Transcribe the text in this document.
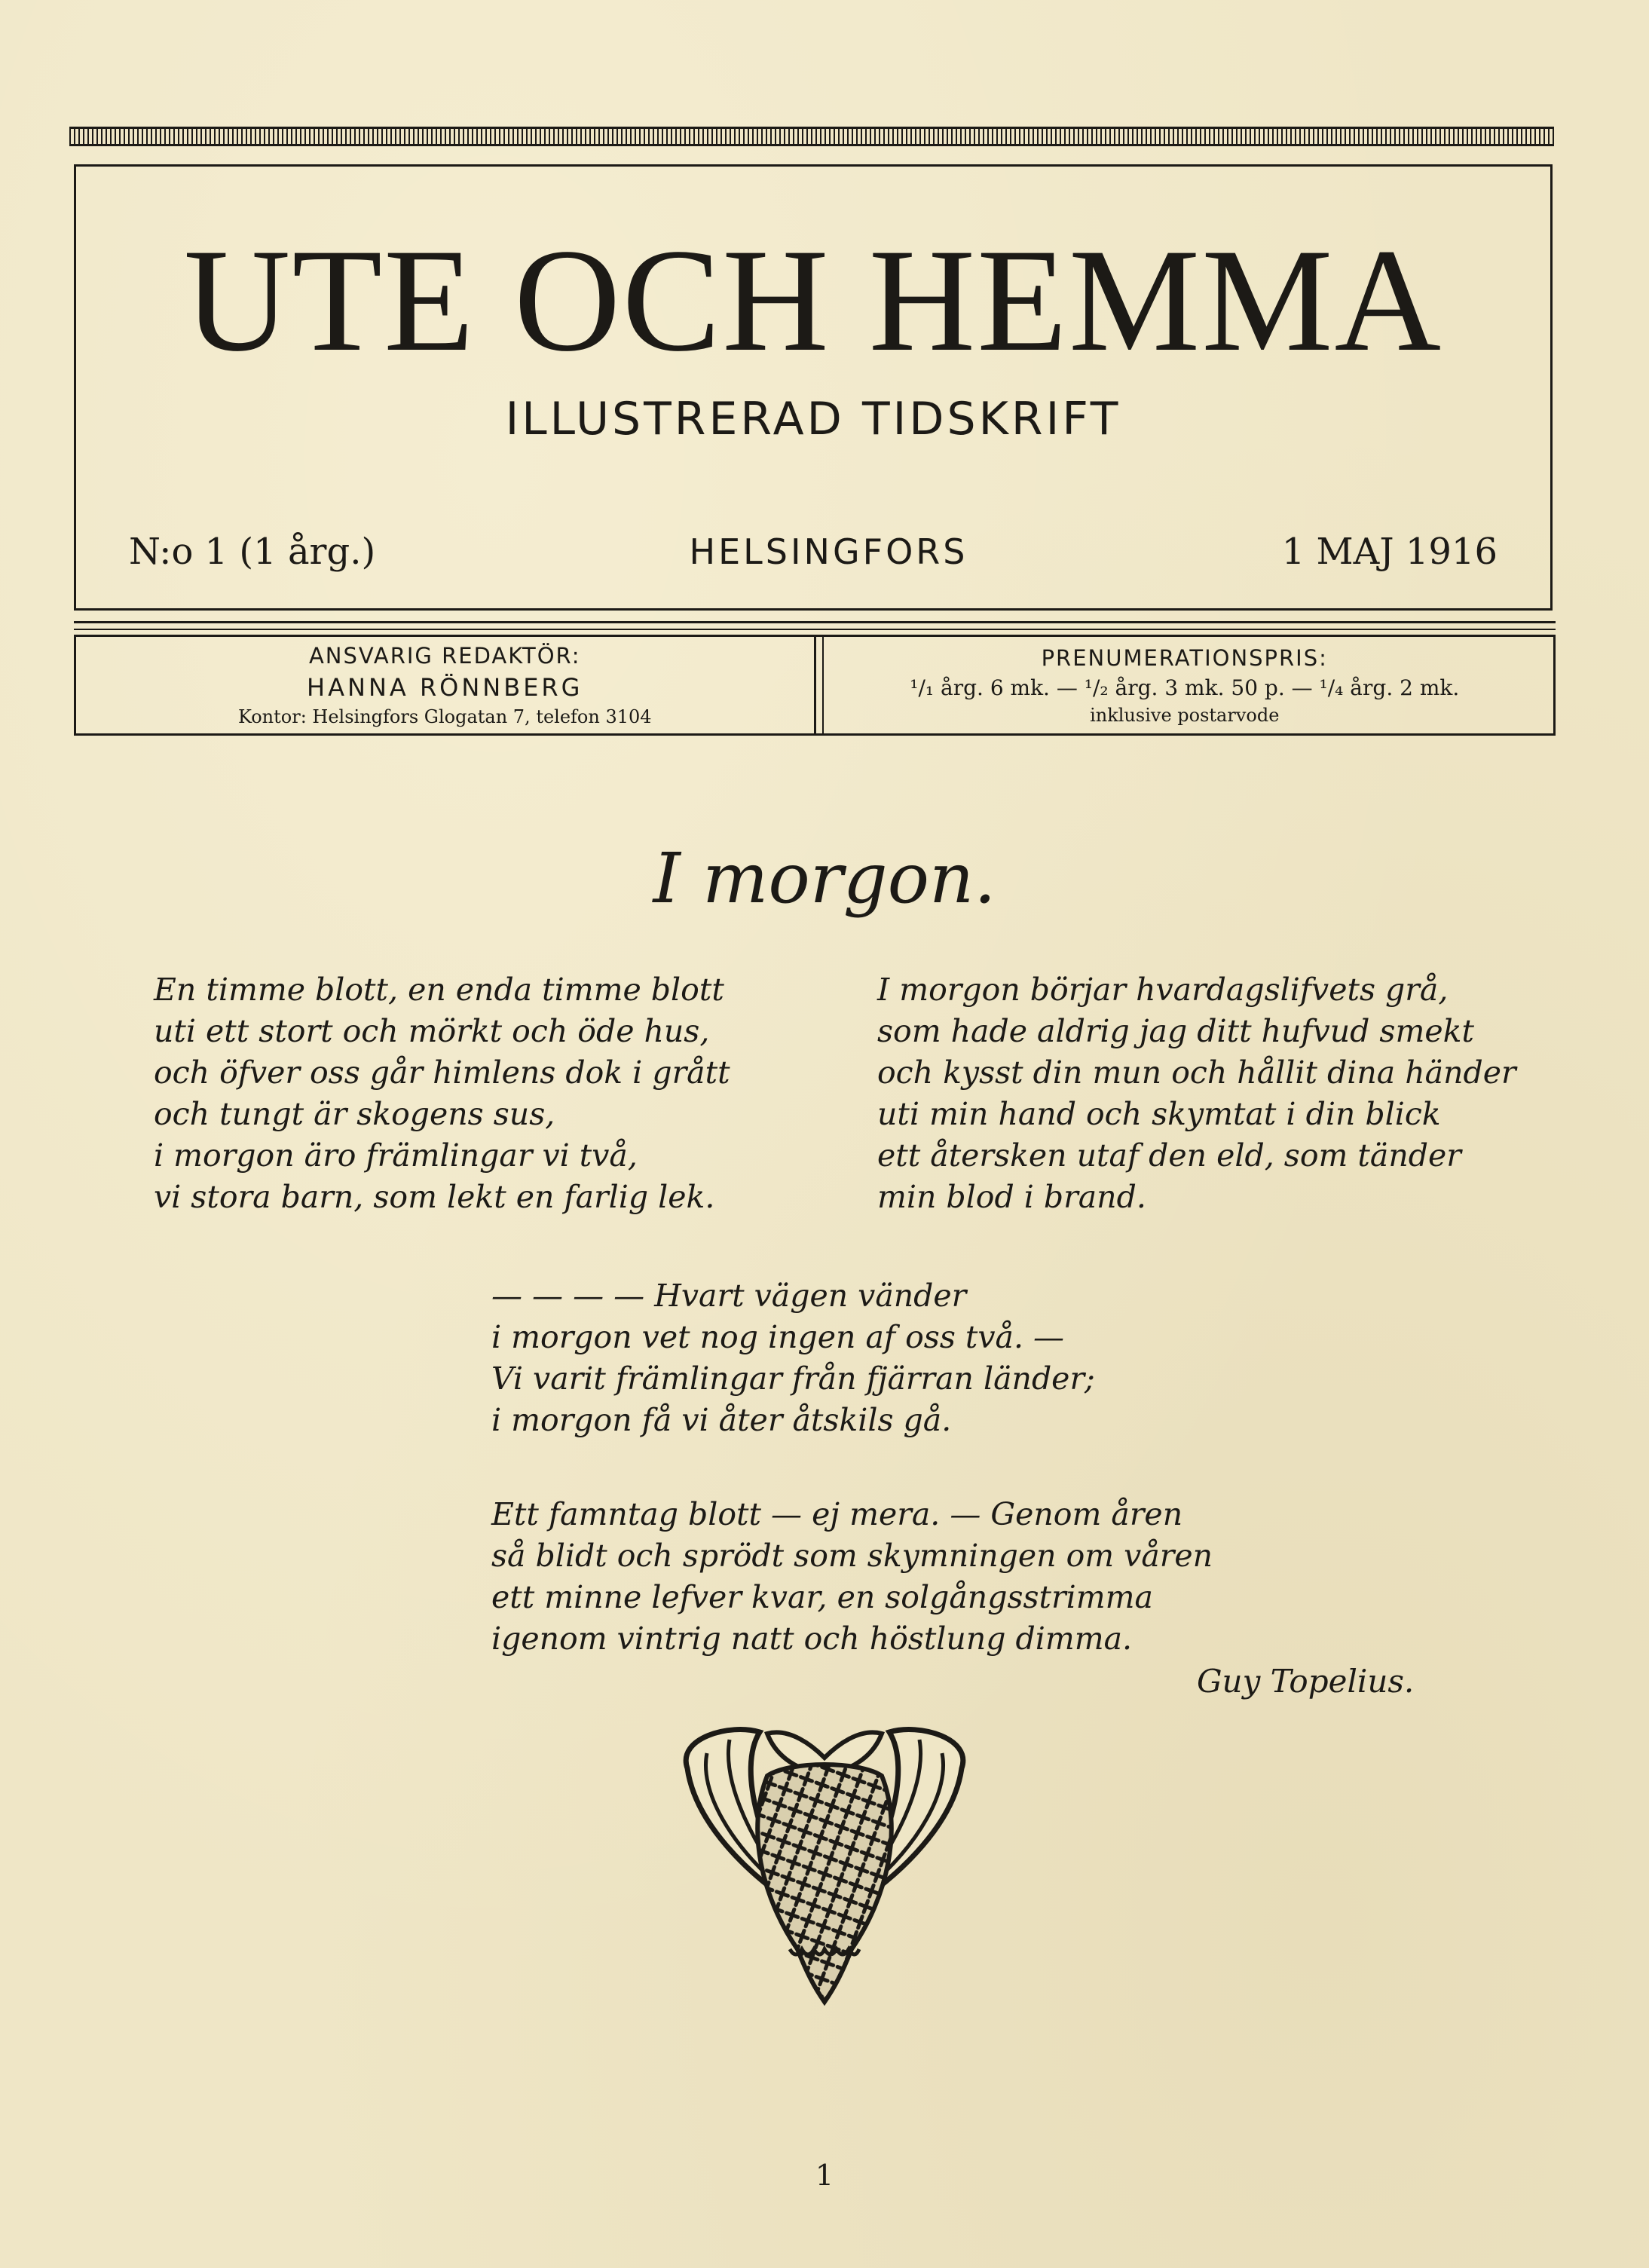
UTE OCH HEMMA
ILLUSTRERAD TIDSKRIFT
N:o 1 (1 årg.)	HELSINGFORS	1 MAJ 1916
ANSVARIG REDAKTÖR:
HANNA RÖNNBERG
Kontor: Helsingfors Glogatan 7, telefon 3104
PRENUMERATIONSPRIS:
¹/₁ årg. 6 mk. — ¹/₂ årg. 3 mk. 50 p. — ¹/₄ årg. 2 mk.
inklusive postarvode
I morgon.
En timme blott, en enda timme blott
uti ett stort och mörkt och öde hus,
och öfver oss går himlens dok i grått
och tungt är skogens sus,
i morgon äro främlingar vi två,
vi stora barn, som lekt en farlig lek.
I morgon börjar hvardagslifvets grå,
som hade aldrig jag ditt hufvud smekt
och kysst din mun och hållit dina händer
uti min hand och skymtat i din blick
ett återsken utaf den eld, som tänder
min blod i brand.
— — — — Hvart vägen vänder
i morgon vet nog ingen af oss två. —
Vi varit främlingar från fjärran länder;
i morgon få vi åter åtskils gå.
Ett famntag blott — ej mera. — Genom åren
så blidt och sprödt som skymningen om våren
ett minne lefver kvar, en solgångsstrimma
igenom vintrig natt och höstlung dimma.
Guy Topelius.
1
